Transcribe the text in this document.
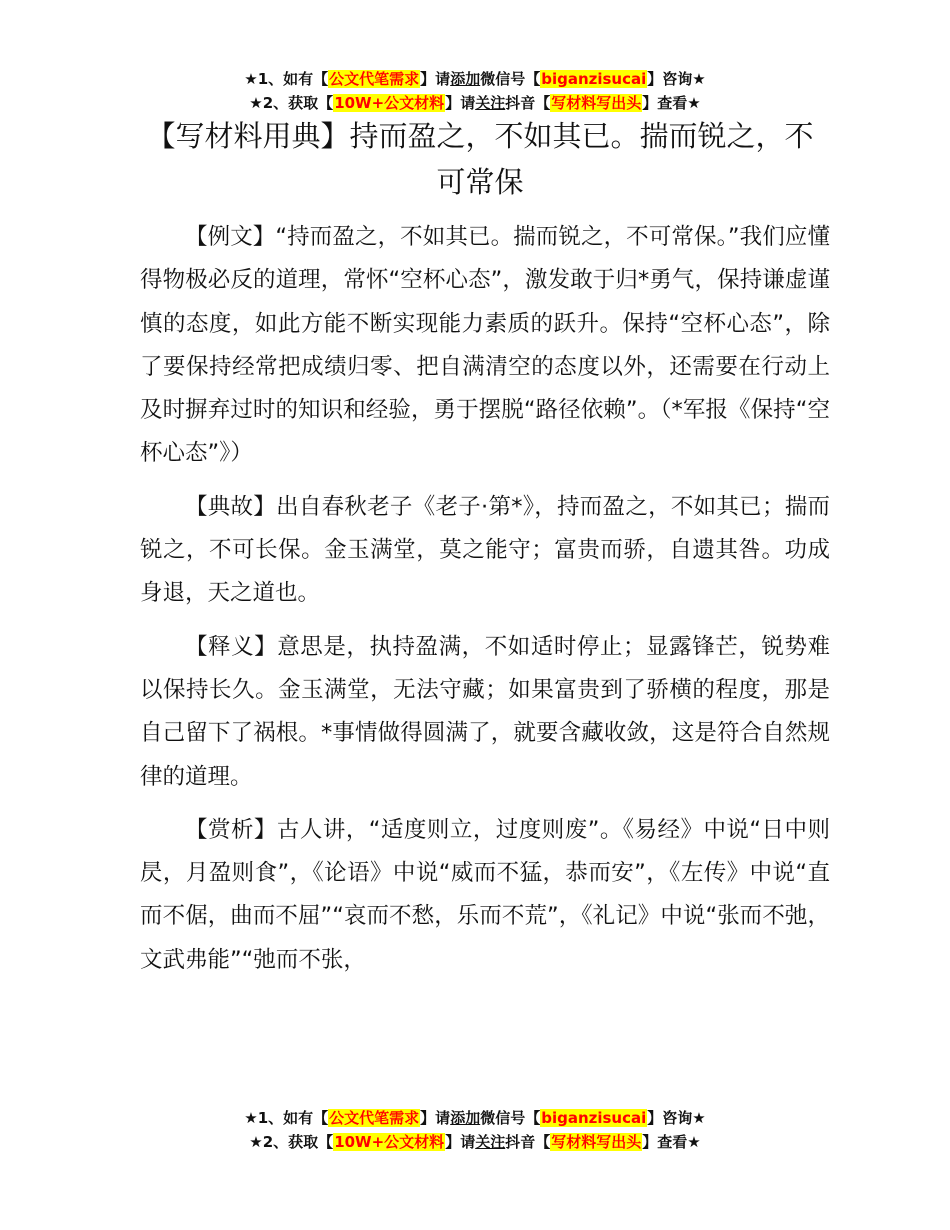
★1、如有【公文代笔需求】请添加微信号【biganzisucai】咨询★
★2、获取【10W+公文材料】请关注抖音【写材料写出头】查看★
【写材料用典】持而盈之，不如其已。揣而锐之，不可常保

【例文】“持而盈之，不如其已。揣而锐之，不可常保。”我们应懂得物极必反的道理，常怀“空杯心态”，激发敢于归*勇气，保持谦虚谨慎的态度，如此方能不断实现能力素质的跃升。保持“空杯心态”，除了要保持经常把成绩归零、把自满清空的态度以外，还需要在行动上及时摒弃过时的知识和经验，勇于摆脱“路径依赖”。（*军报《保持“空杯心态”》）

【典故】出自春秋老子《老子·第*》，持而盈之，不如其已；揣而锐之，不可长保。金玉满堂，莫之能守；富贵而骄，自遗其咎。功成身退，天之道也。

【释义】意思是，执持盈满，不如适时停止；显露锋芒，锐势难以保持长久。金玉满堂，无法守藏；如果富贵到了骄横的程度，那是自己留下了祸根。*事情做得圆满了，就要含藏收敛，这是符合自然规律的道理。

【赏析】古人讲，“适度则立，过度则废”。《易经》中说“日中则昃，月盈则食”，《论语》中说“威而不猛，恭而安”，《左传》中说“直而不倨，曲而不屈”“哀而不愁，乐而不荒”，《礼记》中说“张而不弛，文武弗能”“弛而不张，

★1、如有【公文代笔需求】请添加微信号【biganzisucai】咨询★
★2、获取【10W+公文材料】请关注抖音【写材料写出头】查看★
